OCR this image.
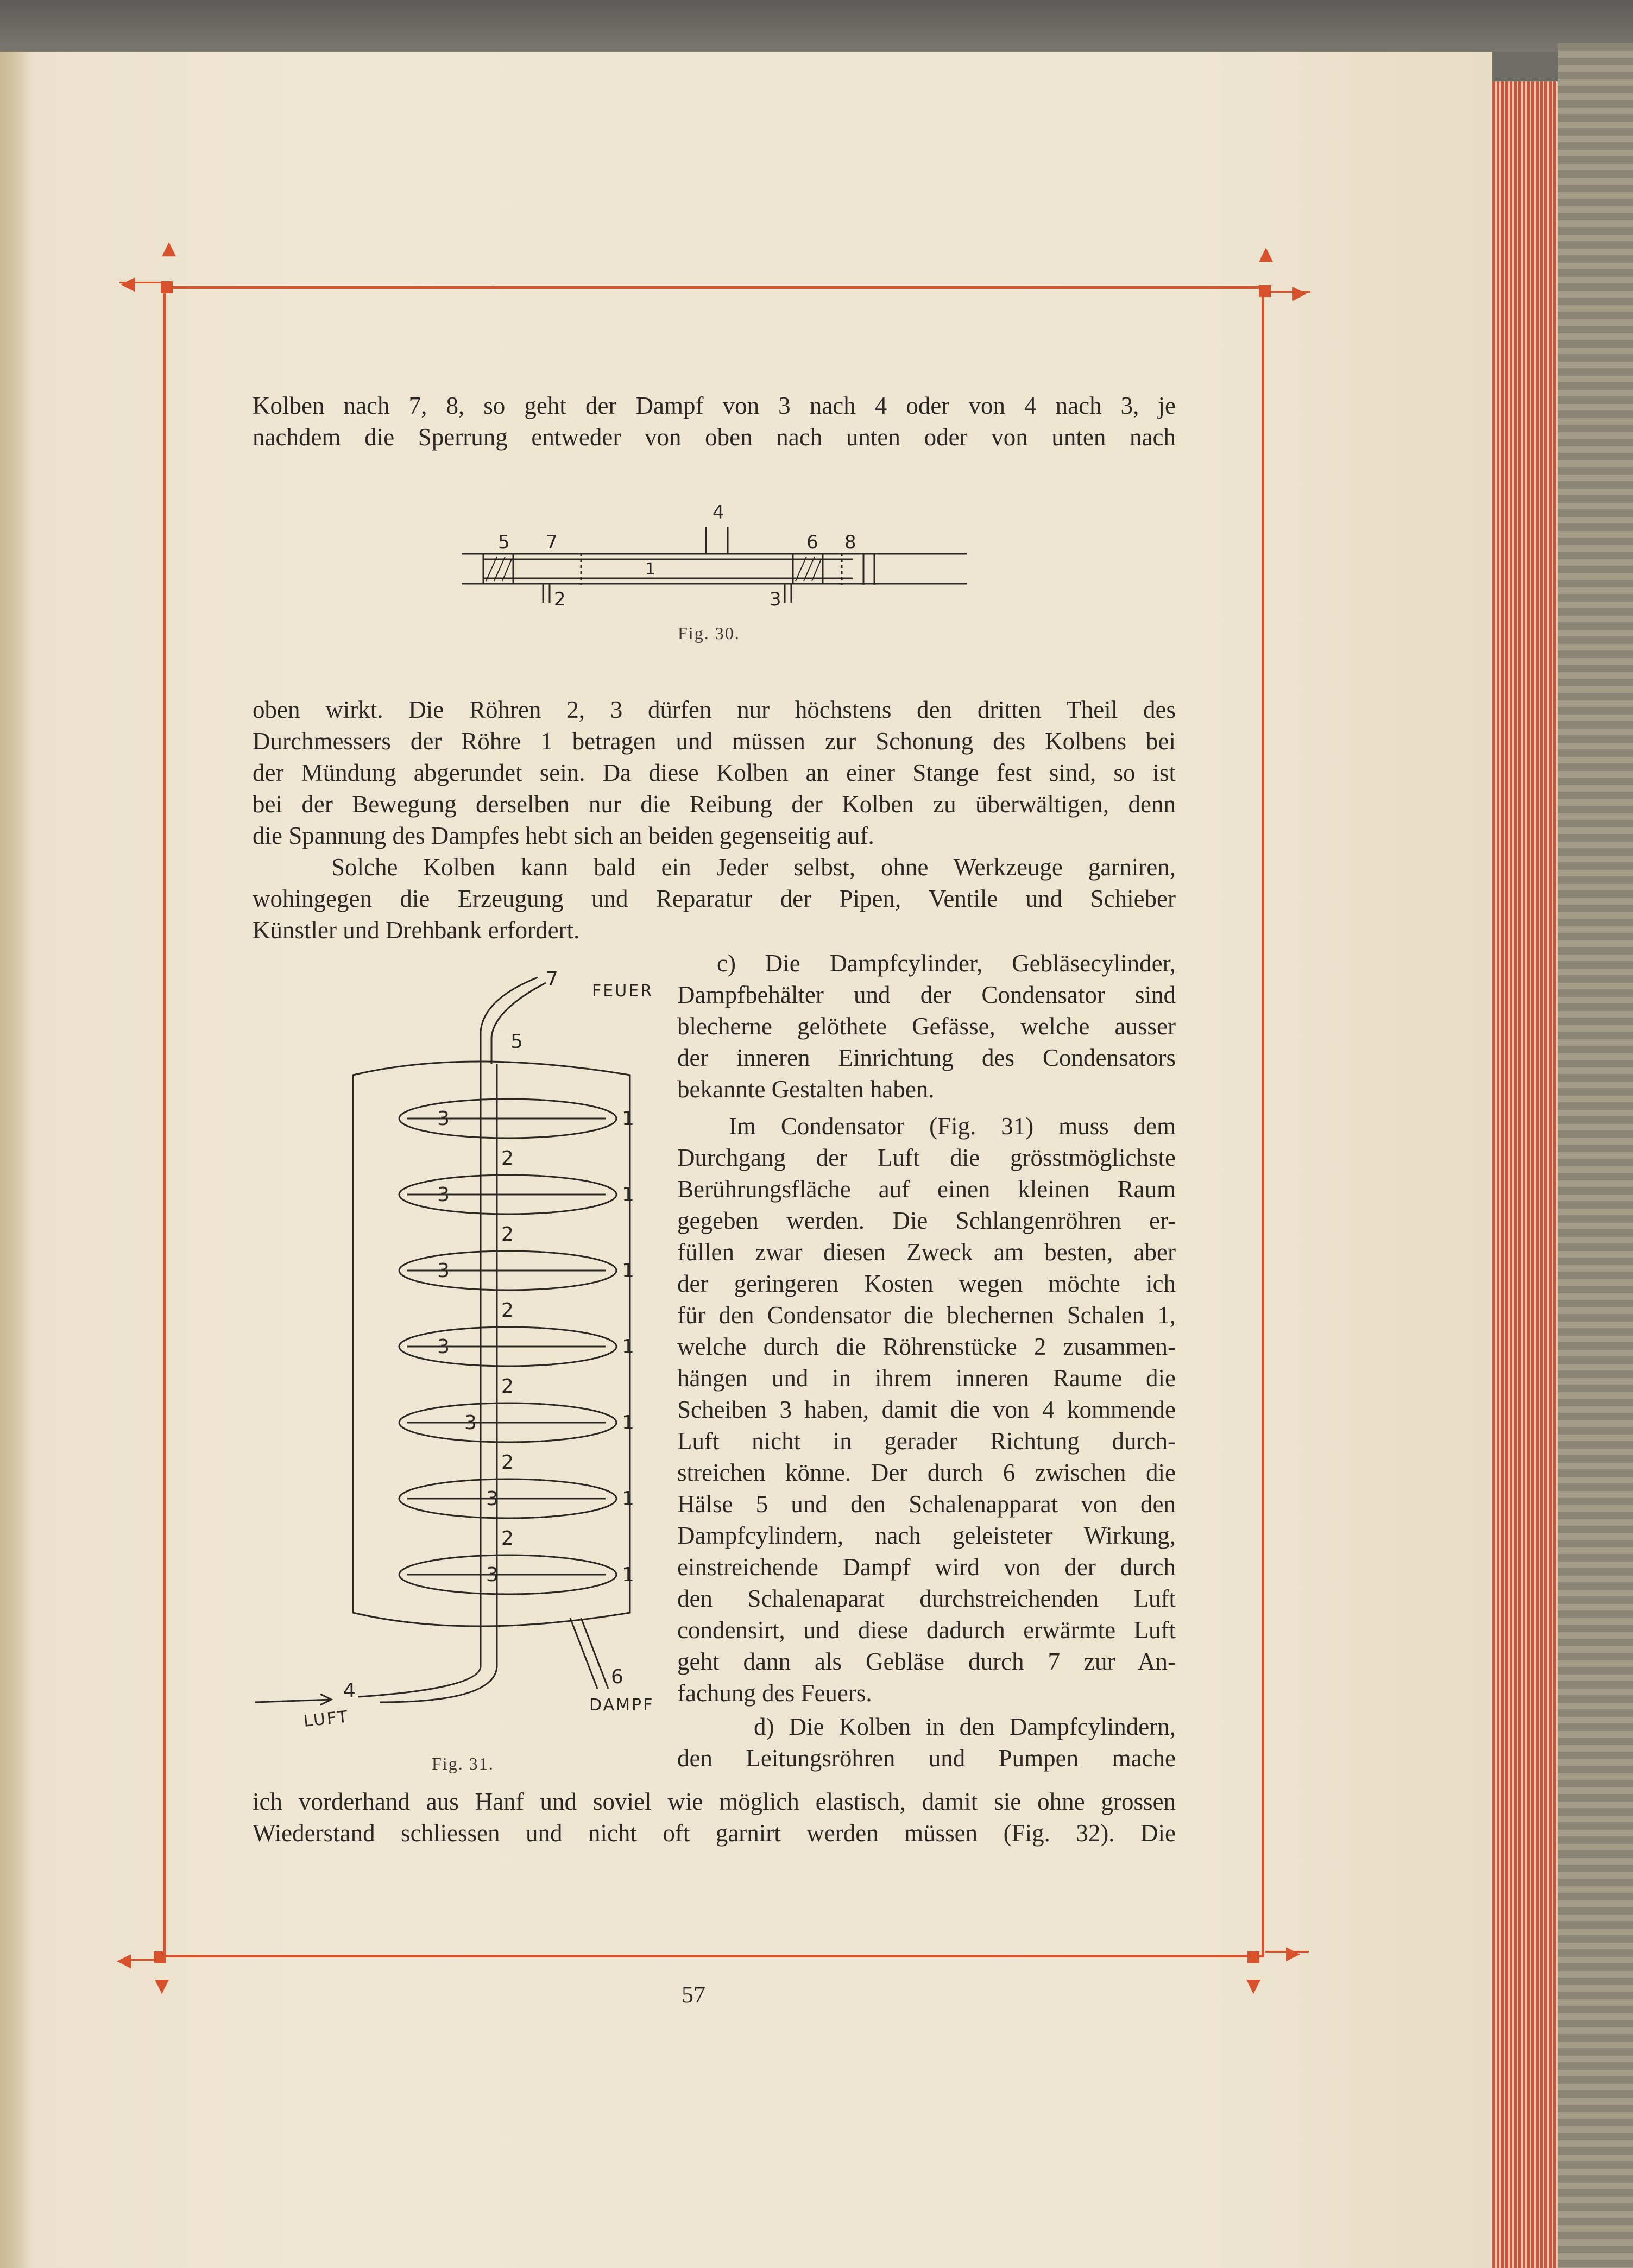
▲
◀
▲
▶
▼
◀
▼
▶
Kolben nach 7, 8, so geht der Dampf von 3 nach 4 oder von 4 nach 3, je
nachdem die Sperrung entweder von oben nach unten oder von unten nach
4
5 7	6 8
1
2	3
Fig. 30.
oben wirkt. Die Röhren 2, 3 dürfen nur höchstens den dritten Theil des
Durchmessers der Röhre 1 betragen und müssen zur Schonung des Kolbens bei
der Mündung abgerundet sein. Da diese Kolben an einer Stange fest sind, so ist
bei der Bewegung derselben nur die Reibung der Kolben zu überwältigen, denn
die Spannung des Dampfes hebt sich an beiden gegenseitig auf.
Solche Kolben kann bald ein Jeder selbst, ohne Werkzeuge garniren,
wohingegen die Erzeugung und Reparatur der Pipen, Ventile und Schieber
Künstler und Drehbank erfordert.
c) Die Dampfcylinder, Gebläsecylinder,
Dampfbehälter und der Condensator sind
blecherne gelöthete Gefässe, welche ausser
der inneren Einrichtung des Condensators
bekannte Gestalten haben.
Im Condensator (Fig. 31) muss dem
Durchgang der Luft die grösstmöglichste
Berührungsfläche auf einen kleinen Raum
gegeben werden. Die Schlangenröhren er-
füllen zwar diesen Zweck am besten, aber
der geringeren Kosten wegen möchte ich
für den Condensator die blechernen Schalen 1,
welche durch die Röhrenstücke 2 zusammen-
hängen und in ihrem inneren Raume die
Scheiben 3 haben, damit die von 4 kommende
Luft nicht in gerader Richtung durch-
streichen könne. Der durch 6 zwischen die
Hälse 5 und den Schalenapparat von den
Dampfcylindern, nach geleisteter Wirkung,
einstreichende Dampf wird von der durch
den Schalenaparat durchstreichenden Luft
condensirt, und diese dadurch erwärmte Luft
geht dann als Gebläse durch 7 zur An-
fachung des Feuers.
d) Die Kolben in den Dampfcylindern,
den Leitungsröhren und Pumpen mache
ich vorderhand aus Hanf und soviel wie möglich elastisch, damit sie ohne grossen
Wiederstand schliessen und nicht oft garnirt werden müssen (Fig. 32). Die
3
3
3
3
3
3
3
1
1
1
1
1
1
1
2
2
2
2
2
2
7
5
6
4
FEUER
DAMPF
LUFT
Fig. 31.
57
